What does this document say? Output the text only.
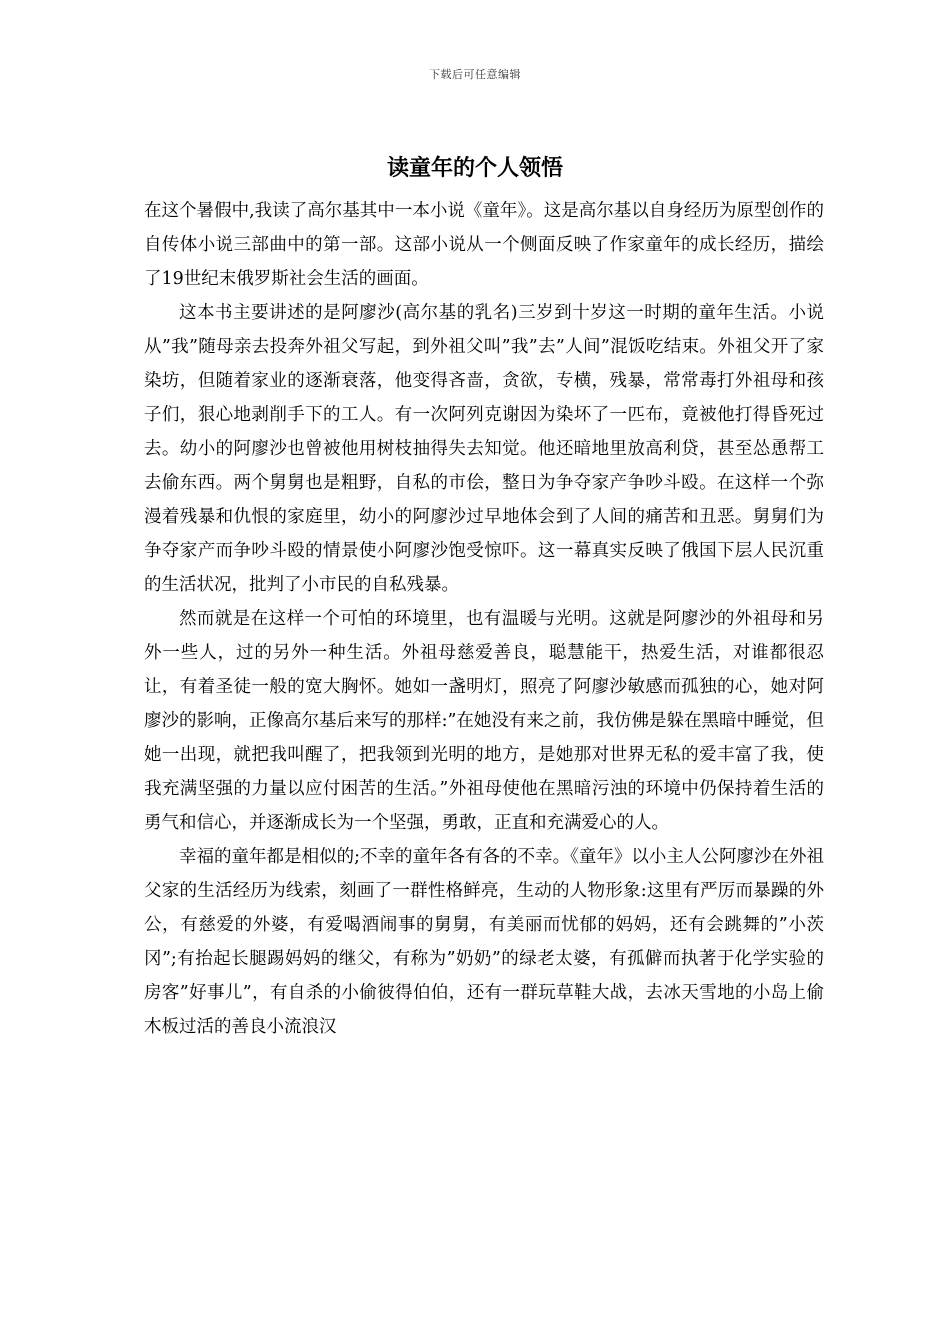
下载后可任意编辑
读童年的个人领悟

在这个暑假中,我读了高尔基其中一本小说《童年》。这是高尔基以自身经历为原型创作的自传体小说三部曲中的第一部。这部小说从一个侧面反映了作家童年的成长经历，描绘了19世纪末俄罗斯社会生活的画面。

这本书主要讲述的是阿廖沙(高尔基的乳名)三岁到十岁这一时期的童年生活。小说从”我”随母亲去投奔外祖父写起，到外祖父叫”我”去”人间”混饭吃结束。外祖父开了家染坊，但随着家业的逐渐衰落，他变得吝啬，贪欲，专横，残暴，常常毒打外祖母和孩子们，狠心地剥削手下的工人。有一次阿列克谢因为染坏了一匹布，竟被他打得昏死过去。幼小的阿廖沙也曾被他用树枝抽得失去知觉。他还暗地里放高利贷，甚至怂恿帮工去偷东西。两个舅舅也是粗野，自私的市侩，整日为争夺家产争吵斗殴。在这样一个弥漫着残暴和仇恨的家庭里，幼小的阿廖沙过早地体会到了人间的痛苦和丑恶。舅舅们为争夺家产而争吵斗殴的情景使小阿廖沙饱受惊吓。这一幕真实反映了俄国下层人民沉重的生活状况，批判了小市民的自私残暴。

然而就是在这样一个可怕的环境里，也有温暖与光明。这就是阿廖沙的外祖母和另外一些人，过的另外一种生活。外祖母慈爱善良，聪慧能干，热爱生活，对谁都很忍让，有着圣徒一般的宽大胸怀。她如一盏明灯，照亮了阿廖沙敏感而孤独的心，她对阿廖沙的影响，正像高尔基后来写的那样:”在她没有来之前，我仿佛是躲在黑暗中睡觉，但她一出现，就把我叫醒了，把我领到光明的地方，是她那对世界无私的爱丰富了我，使我充满坚强的力量以应付困苦的生活。”外祖母使他在黑暗污浊的环境中仍保持着生活的勇气和信心，并逐渐成长为一个坚强，勇敢，正直和充满爱心的人。

幸福的童年都是相似的;不幸的童年各有各的不幸。《童年》以小主人公阿廖沙在外祖父家的生活经历为线索，刻画了一群性格鲜亮，生动的人物形象:这里有严厉而暴躁的外公，有慈爱的外婆，有爱喝酒闹事的舅舅，有美丽而忧郁的妈妈，还有会跳舞的”小茨冈”;有抬起长腿踢妈妈的继父，有称为”奶奶”的绿老太婆，有孤僻而执著于化学实验的房客”好事儿”，有自杀的小偷彼得伯伯，还有一群玩草鞋大战，去冰天雪地的小岛上偷木板过活的善良小流浪汉
